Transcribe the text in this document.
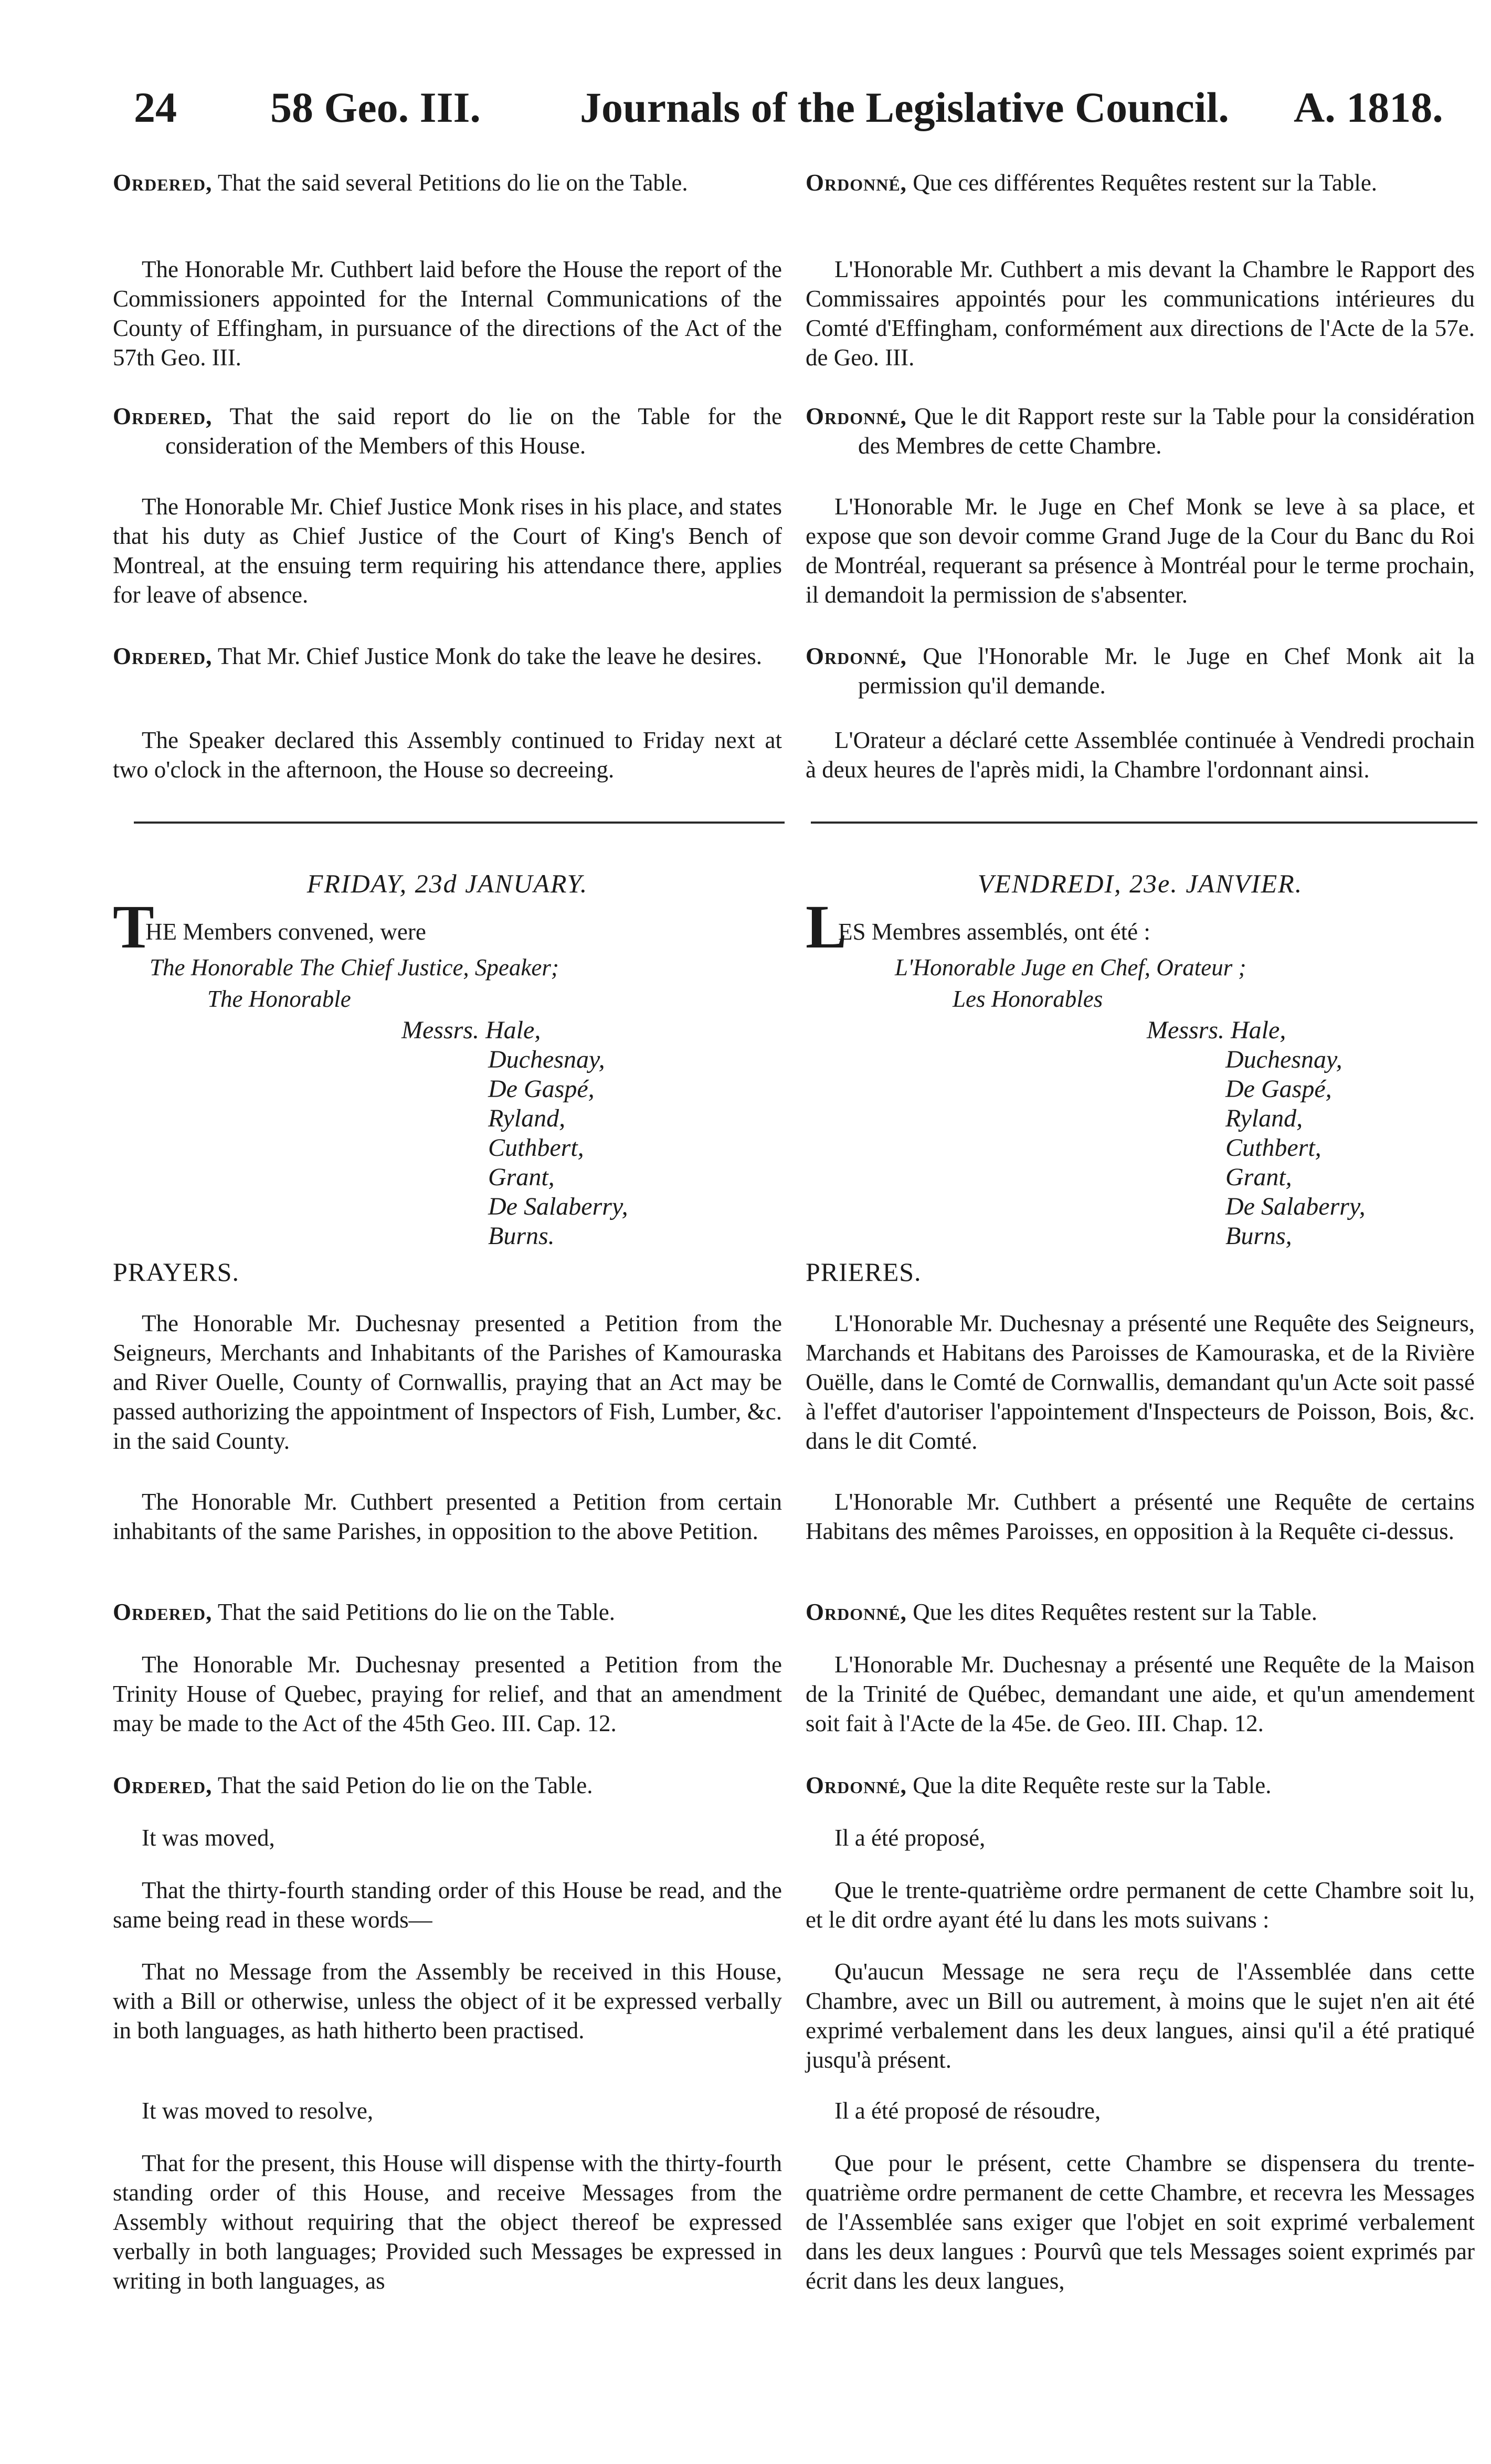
24 58 Geo. III. Journals of the Legislative Council. A. 1818.

Ordered, That the said several Petitions do lie on the Table.

The Honorable Mr. Cuthbert laid before the House the report of the Commissioners appointed for the Internal Communications of the County of Effingham, in pursuance of the directions of the Act of the 57th Geo. III.

Ordered, That the said report do lie on the Table for the consideration of the Members of this House.

The Honorable Mr. Chief Justice Monk rises in his place, and states that his duty as Chief Justice of the Court of King's Bench of Montreal, at the ensuing term requiring his attendance there, applies for leave of absence.

Ordered, That Mr. Chief Justice Monk do take the leave he desires.

The Speaker declared this Assembly continued to Friday next at two o'clock in the afternoon, the House so decreeing.

Ordonné, Que ces différentes Requêtes restent sur la Table.

L'Honorable Mr. Cuthbert a mis devant la Chambre le Rapport des Commissaires appointés pour les communications intérieures du Comté d'Effingham, conformément aux directions de l'Acte de la 57e. de Geo. III.

Ordonné, Que le dit Rapport reste sur la Table pour la considération des Membres de cette Chambre.

L'Honorable Mr. le Juge en Chef Monk se leve à sa place, et expose que son devoir comme Grand Juge de la Cour du Banc du Roi de Montréal, requerant sa présence à Montréal pour le terme prochain, il demandoit la permission de s'absenter.

Ordonné, Que l'Honorable Mr. le Juge en Chef Monk ait la permission qu'il demande.

L'Orateur a déclaré cette Assemblée continuée à Vendredi prochain à deux heures de l'après midi, la Chambre l'ordonnant ainsi.

FRIDAY, 23d JANUARY.
T
HE Members convened, were
The Honorable The Chief Justice, Speaker;
The Honorable
Messrs. Hale,
Duchesnay,
De Gaspé,
Ryland,
Cuthbert,
Grant,
De Salaberry,
Burns.
PRAYERS.

The Honorable Mr. Duchesnay presented a Petition from the Seigneurs, Merchants and Inhabitants of the Parishes of Kamouraska and River Ouelle, County of Cornwallis, praying that an Act may be passed authorizing the appointment of Inspectors of Fish, Lumber, &c. in the said County.

The Honorable Mr. Cuthbert presented a Petition from certain inhabitants of the same Parishes, in opposition to the above Petition.

Ordered, That the said Petitions do lie on the Table.

The Honorable Mr. Duchesnay presented a Petition from the Trinity House of Quebec, praying for relief, and that an amendment may be made to the Act of the 45th Geo. III. Cap. 12.

Ordered, That the said Petion do lie on the Table.

It was moved,

That the thirty-fourth standing order of this House be read, and the same being read in these words—

That no Message from the Assembly be received in this House, with a Bill or otherwise, unless the object of it be expressed verbally in both languages, as hath hitherto been practised.

It was moved to resolve,

That for the present, this House will dispense with the thirty-fourth standing order of this House, and receive Messages from the Assembly without requiring that the object thereof be expressed verbally in both languages; Provided such Messages be expressed in writing in both languages, as

VENDREDI, 23e. JANVIER.
L
ES Membres assemblés, ont été :
L'Honorable Juge en Chef, Orateur ;
Les Honorables
Messrs. Hale,
Duchesnay,
De Gaspé,
Ryland,
Cuthbert,
Grant,
De Salaberry,
Burns,
PRIERES.

L'Honorable Mr. Duchesnay a présenté une Requête des Seigneurs, Marchands et Habitans des Paroisses de Kamouraska, et de la Rivière Ouëlle, dans le Comté de Cornwallis, demandant qu'un Acte soit passé à l'effet d'autoriser l'appointement d'Inspecteurs de Poisson, Bois, &c. dans le dit Comté.

L'Honorable Mr. Cuthbert a présenté une Requête de certains Habitans des mêmes Paroisses, en opposition à la Requête ci-dessus.

Ordonné, Que les dites Requêtes restent sur la Table.

L'Honorable Mr. Duchesnay a présenté une Requête de la Maison de la Trinité de Québec, demandant une aide, et qu'un amendement soit fait à l'Acte de la 45e. de Geo. III. Chap. 12.

Ordonné, Que la dite Requête reste sur la Table.

Il a été proposé,

Que le trente-quatrième ordre permanent de cette Chambre soit lu, et le dit ordre ayant été lu dans les mots suivans :

Qu'aucun Message ne sera reçu de l'Assemblée dans cette Chambre, avec un Bill ou autrement, à moins que le sujet n'en ait été exprimé verbalement dans les deux langues, ainsi qu'il a été pratiqué jusqu'à présent.

Il a été proposé de résoudre,

Que pour le présent, cette Chambre se dispensera du trente-quatrième ordre permanent de cette Chambre, et recevra les Messages de l'Assemblée sans exiger que l'objet en soit exprimé verbalement dans les deux langues : Pourvû que tels Messages soient exprimés par écrit dans les deux langues,
